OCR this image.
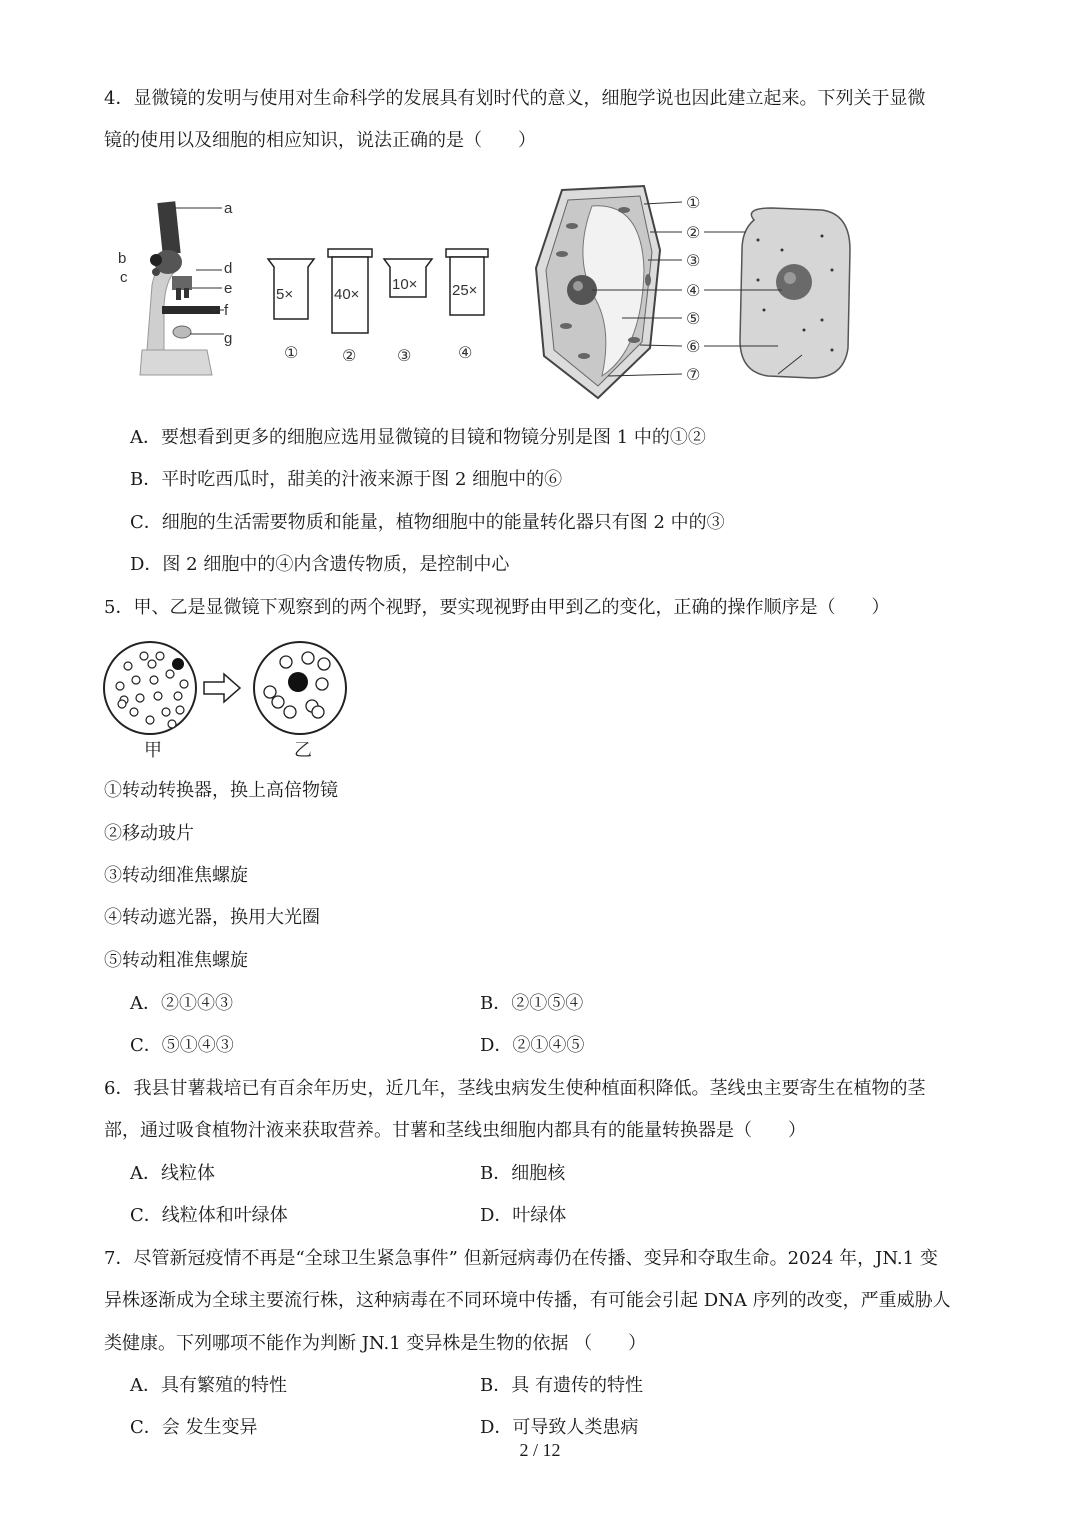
4．显微镜的发明与使用对生命科学的发展具有划时代的意义，细胞学说也因此建立起来。下列关于显微
镜的使用以及细胞的相应知识，说法正确的是（　　）
a
b
c
d
e
f
g
5×
①
40×
②
10×
③
25×
④
①
②
③
④
⑤
⑥
⑦
A．要想看到更多的细胞应选用显微镜的目镜和物镜分别是图 1 中的①②
B．平时吃西瓜时，甜美的汁液来源于图 2 细胞中的⑥
C．细胞的生活需要物质和能量，植物细胞中的能量转化器只有图 2 中的③
D．图 2 细胞中的④内含遗传物质，是控制中心
5．甲、乙是显微镜下观察到的两个视野，要实现视野由甲到乙的变化，正确的操作顺序是（　　）
甲	乙
①转动转换器，换上高倍物镜
②移动玻片
③转动细准焦螺旋
④转动遮光器，换用大光圈
⑤转动粗准焦螺旋
A．②①④③	B．②①⑤④
C．⑤①④③	D．②①④⑤
6．我县甘薯栽培已有百余年历史，近几年，茎线虫病发生使种植面积降低。茎线虫主要寄生在植物的茎
部，通过吸食植物汁液来获取营养。甘薯和茎线虫细胞内都具有的能量转换器是（　　）
A．线粒体	B．细胞核
C．线粒体和叶绿体	D．叶绿体
7．尽管新冠疫情不再是“全球卫生紧急事件” 但新冠病毒仍在传播、变异和夺取生命。2024 年，JN.1 变
异株逐渐成为全球主要流行株，这种病毒在不同环境中传播，有可能会引起 DNA 序列的改变，严重威胁人
类健康。下列哪项不能作为判断 JN.1 变异株是生物的依据 （　　）
A．具有繁殖的特性	B．具 有遗传的特性
C．会 发生变异	D．可导致人类患病
2 / 12
